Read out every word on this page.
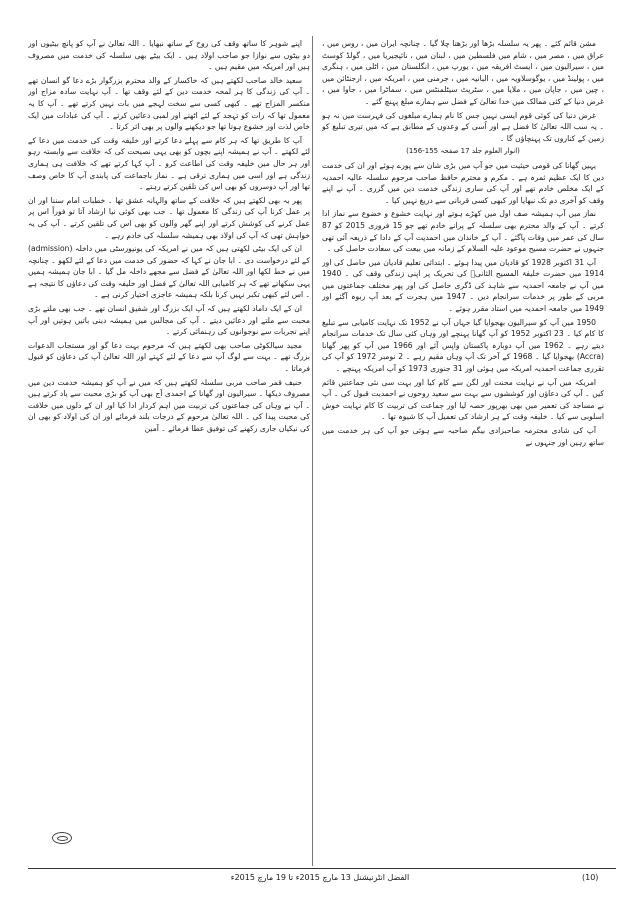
مشن قائم کئے ۔ پھر یہ سلسلہ بڑھا اور بڑھتا چلا گیا ۔ چنانچہ ایران میں ، روس میں ، عراق میں ، مصر میں ، شام میں فلسطین میں ، لبنان میں ، نائیجیریا میں ، گولڈ کوسٹ میں ، سیرالیون میں ، ایسٹ افریقہ میں ، یورپ میں ، انگلستان میں ، اٹلی میں ، ہنگری میں ، پولینڈ میں ، یوگوسلاویہ میں ، البانیہ میں ، جرمنی میں ، امریکہ میں ، ارجنٹائن میں ، چین میں ، جاپان میں ، ملایا میں ، سٹریٹ سیٹلمنٹس میں ، سماٹرا میں ، جاوا میں ، غرض دنیا کے کئی ممالک میں خدا تعالیٰ کے فضل سے ہمارے مبلغ پہنچ گئے ۔

غرض دنیا کی کوئی قوم ایسی نہیں جس کا نام ہمارے مبلغوں کی فہرست میں نہ ہو ۔ یہ سب اللہ تعالیٰ کا فضل ہے اور اُسی کے وعدوں کے مطابق ہے کہ میں تیری تبلیغ کو زمین کے کناروں تک پہنچاؤں گا ۔

(انوار العلوم جلد 17 صفحہ 155-156)

یہیں گھانا کی قومی حیثیت میں جو آپ میں بڑی شان سے پورے ہوئے اور ان کی خدمت دین کا ایک عظیم ثمرہ ہے ۔ مکرم و محترم حافظ صاحب مرحوم سلسلہ عالیہ احمدیہ کے ایک مخلص خادم تھے اور آپ کی ساری زندگی خدمت دین میں گزری ۔ آپ نے اپنے وقف کو آخری دم تک نبھایا اور کبھی کسی قربانی سے دریغ نہیں کیا ۔

نماز میں آپ ہمیشہ صف اول میں کھڑے ہوتے اور نہایت خشوع و خضوع سے نماز ادا کرتے ۔ آپ کے والد محترم بھی سلسلہ کے پرانے خادم تھے جو 15 فروری 2015 کو 87 سال کی عمر میں وفات پاگئے ۔ آپ کے خاندان میں احمدیت آپ کے دادا کے ذریعہ آئی تھی جنہوں نے حضرت مسیح موعود علیہ السلام کے زمانہ میں بیعت کی سعادت حاصل کی ۔

آپ 31 اکتوبر 1928 کو قادیان میں پیدا ہوئے ۔ ابتدائی تعلیم قادیان میں حاصل کی اور 1914 میں حضرت خلیفۃ المسیح الثانیؓ کی تحریک پر اپنی زندگی وقف کی ۔ 1940 میں آپ نے جامعہ احمدیہ سے شاہد کی ڈگری حاصل کی اور پھر مختلف جماعتوں میں مربی کے طور پر خدمات سرانجام دیں ۔ 1947 میں ہجرت کے بعد آپ ربوہ آگئے اور 1949 میں جامعہ احمدیہ میں استاد مقرر ہوئے ۔

1950 میں آپ کو سیرالیون بھجوایا گیا جہاں آپ نے 1952 تک نہایت کامیابی سے تبلیغ کا کام کیا ۔ 23 اکتوبر 1952 کو آپ گھانا پہنچے اور وہاں کئی سال تک خدمات سرانجام دیتے رہے ۔ 1962 میں آپ دوبارہ پاکستان واپس آئے اور 1966 میں آپ کو پھر گھانا (Accra) بھجوایا گیا ۔ 1968 کے آخر تک آپ وہاں مقیم رہے ۔ 2 نومبر 1972 کو آپ کی تقرری جماعت احمدیہ امریکہ میں ہوئی اور 31 جنوری 1973 کو آپ امریکہ پہنچے ۔

امریکہ میں آپ نے نہایت محنت اور لگن سے کام کیا اور بہت سی نئی جماعتیں قائم کیں ۔ آپ کی دعاؤں اور کوششوں سے بہت سے سعید روحوں نے احمدیت قبول کی ۔ آپ نے مساجد کی تعمیر میں بھی بھرپور حصہ لیا اور جماعت کی تربیت کا کام نہایت خوش اسلوبی سے کیا ۔ خلیفہ وقت کے ہر ارشاد کی تعمیل آپ کا شیوہ تھا ۔

آپ کی شادی محترمہ صاحبزادی بیگم صاحبہ سے ہوئی جو آپ کی ہر خدمت میں ساتھ رہیں اور جنہوں نے

اپنے شوہر کا ساتھ وقف کی روح کے ساتھ نبھایا ۔ اللہ تعالیٰ نے آپ کو پانچ بیٹیوں اور دو بیٹوں سے نوازا جو صاحب اولاد ہیں ۔ ایک بیٹے بھی سلسلہ کی خدمت میں مصروف ہیں اور امریکہ میں مقیم ہیں ۔

سعید خالد صاحب لکھتے ہیں کہ خاکسار کے والد محترم بزرگوار بڑے دعا گو انسان تھے ۔ آپ کی زندگی کا ہر لمحہ خدمت دین کے لئے وقف تھا ۔ آپ نہایت سادہ مزاج اور منکسر المزاج تھے ۔ کبھی کسی سے سخت لہجے میں بات نہیں کرتے تھے ۔ آپ کا یہ معمول تھا کہ رات کو تہجد کے لئے اٹھتے اور لمبی دعائیں کرتے ۔ آپ کی عبادات میں ایک خاص لذت اور خشوع ہوتا تھا جو دیکھنے والوں پر بھی اثر کرتا ۔

آپ کا طریق تھا کہ ہر کام سے پہلے دعا کرتے اور خلیفہ وقت کی خدمت میں دعا کے لئے لکھتے ۔ آپ نے ہمیشہ اپنے بچوں کو بھی یہی نصیحت کی کہ خلافت سے وابستہ رہو اور ہر حال میں خلیفہ وقت کی اطاعت کرو ۔ آپ کہا کرتے تھے کہ خلافت ہی ہماری زندگی ہے اور اسی میں ہماری ترقی ہے ۔ نماز باجماعت کی پابندی آپ کا خاص وصف تھا اور آپ دوسروں کو بھی اس کی تلقین کرتے رہتے ۔

پھر یہ بھی لکھتے ہیں کہ خلافت کے ساتھ والہانہ عشق تھا ۔ خطبات امام سننا اور ان پر عمل کرنا آپ کی زندگی کا معمول تھا ۔ جب بھی کوئی نیا ارشاد آتا تو فوراً اس پر عمل کرنے کی کوشش کرتے اور اپنے گھر والوں کو بھی اس کی تلقین کرتے ۔ آپ کی یہ خواہش تھی کہ آپ کی اولاد بھی ہمیشہ سلسلہ کی خادم رہے ۔

ان کی ایک بیٹی لکھتی ہیں کہ میں نے امریکہ کی یونیورسٹی میں داخلہ (admission) کے لئے درخواست دی ۔ ابا جان نے کہا کہ حضور کی خدمت میں دعا کے لئے لکھو ۔ چنانچہ میں نے خط لکھا اور اللہ تعالیٰ کے فضل سے مجھے داخلہ مل گیا ۔ ابا جان ہمیشہ ہمیں یہی سکھاتے تھے کہ ہر کامیابی اللہ تعالیٰ کے فضل اور خلیفہ وقت کی دعاؤں کا نتیجہ ہے ۔ اس لئے کبھی تکبر نہیں کرنا بلکہ ہمیشہ عاجزی اختیار کرنی ہے ۔

ان کے ایک داماد لکھتے ہیں کہ آپ ایک بزرگ اور شفیق انسان تھے ۔ جب بھی ملتے بڑی محبت سے ملتے اور دعائیں دیتے ۔ آپ کی مجالس میں ہمیشہ دینی باتیں ہوتیں اور آپ اپنے تجربات سے نوجوانوں کی رہنمائی کرتے ۔

مجید سیالکوٹی صاحب بھی لکھتے ہیں کہ مرحوم بہت دعا گو اور مستجاب الدعوات بزرگ تھے ۔ بہت سے لوگ آپ سے دعا کے لئے کہتے اور اللہ تعالیٰ آپ کی دعاؤں کو قبول فرماتا ۔

حنیف قمر صاحب مربی سلسلہ لکھتے ہیں کہ میں نے آپ کو ہمیشہ خدمت دین میں مصروف دیکھا ۔ سیرالیون اور گھانا کے احمدی آج بھی آپ کو بڑی محبت سے یاد کرتے ہیں ۔ آپ نے وہاں کی جماعتوں کی تربیت میں اہم کردار ادا کیا اور ان کے دلوں میں خلافت کی محبت پیدا کی ۔ اللہ تعالیٰ مرحوم کے درجات بلند فرمائے اور ان کی اولاد کو بھی ان کی نیکیاں جاری رکھنے کی توفیق عطا فرمائے ۔ آمین

الفضل انٹرنیشنل 13 مارچ 2015ء تا 19 مارچ 2015ء	(10)
